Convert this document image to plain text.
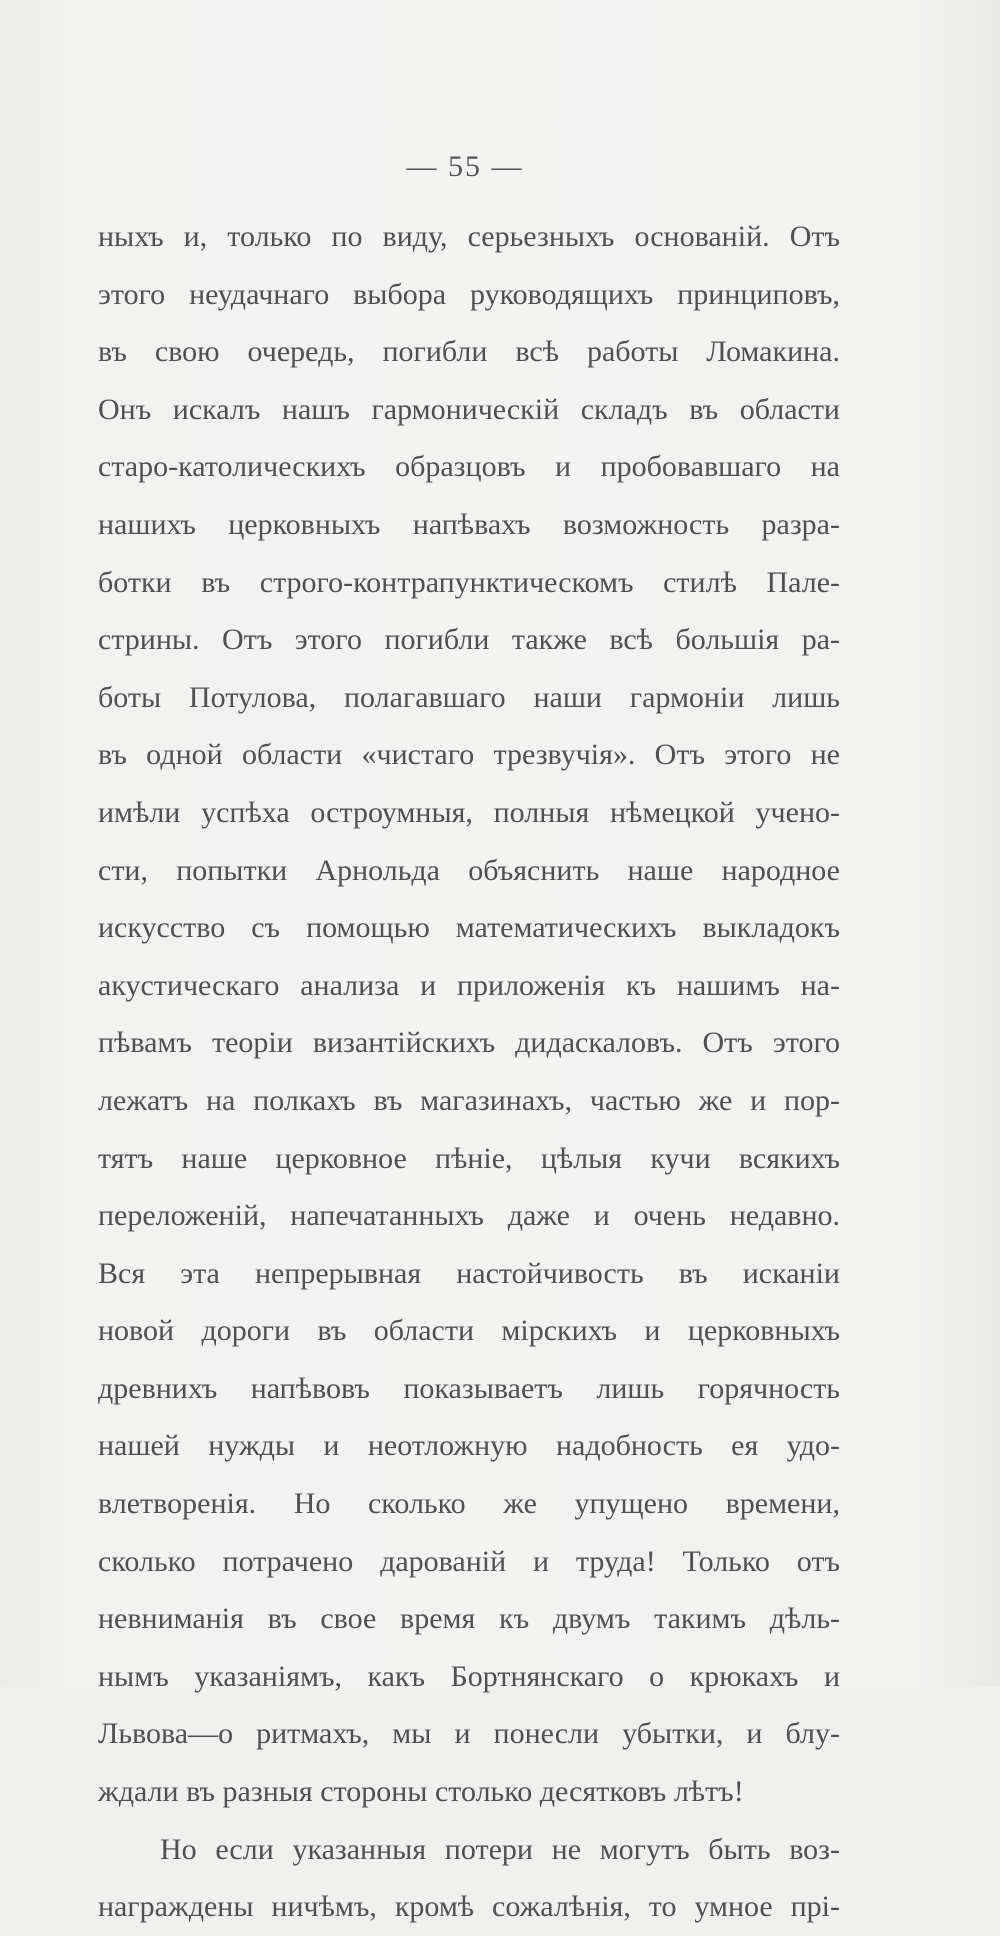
— 55 —
ныхъ и, только по виду, серьезныхъ основаній. Отъ
этого неудачнаго выбора руководящихъ принциповъ,
въ свою очередь, погибли всѣ работы Ломакина.
Онъ искалъ нашъ гармоническій складъ въ области
старо-католическихъ образцовъ и пробовавшаго на
нашихъ церковныхъ напѣвахъ возможность разра-
ботки въ строго-контрапунктическомъ стилѣ Пале-
стрины. Отъ этого погибли также всѣ большія ра-
боты Потулова, полагавшаго наши гармоніи лишь
въ одной области «чистаго трезвучія». Отъ этого не
имѣли успѣха остроумныя, полныя нѣмецкой учено-
сти, попытки Арнольда объяснить наше народное
искусство съ помощью математическихъ выкладокъ
акустическаго анализа и приложенія къ нашимъ на-
пѣвамъ теоріи византійскихъ дидаскаловъ. Отъ этого
лежатъ на полкахъ въ магазинахъ, частью же и пор-
тятъ наше церковное пѣніе, цѣлыя кучи всякихъ
переложеній, напечатанныхъ даже и очень недавно.
Вся эта непрерывная настойчивость въ исканіи
новой дороги въ области мірскихъ и церковныхъ
древнихъ напѣвовъ показываетъ лишь горячность
нашей нужды и неотложную надобность ея удо-
влетворенія. Но сколько же упущено времени,
сколько потрачено дарованій и труда! Только отъ
невниманія въ свое время къ двумъ такимъ дѣль-
нымъ указаніямъ, какъ Бортнянскаго о крюкахъ и
Львова—о ритмахъ, мы и понесли убытки, и блу-
ждали въ разныя стороны столько десятковъ лѣтъ!
Но если указанныя потери не могутъ быть воз-
награждены ничѣмъ, кромѣ сожалѣнія, то умное прі-
